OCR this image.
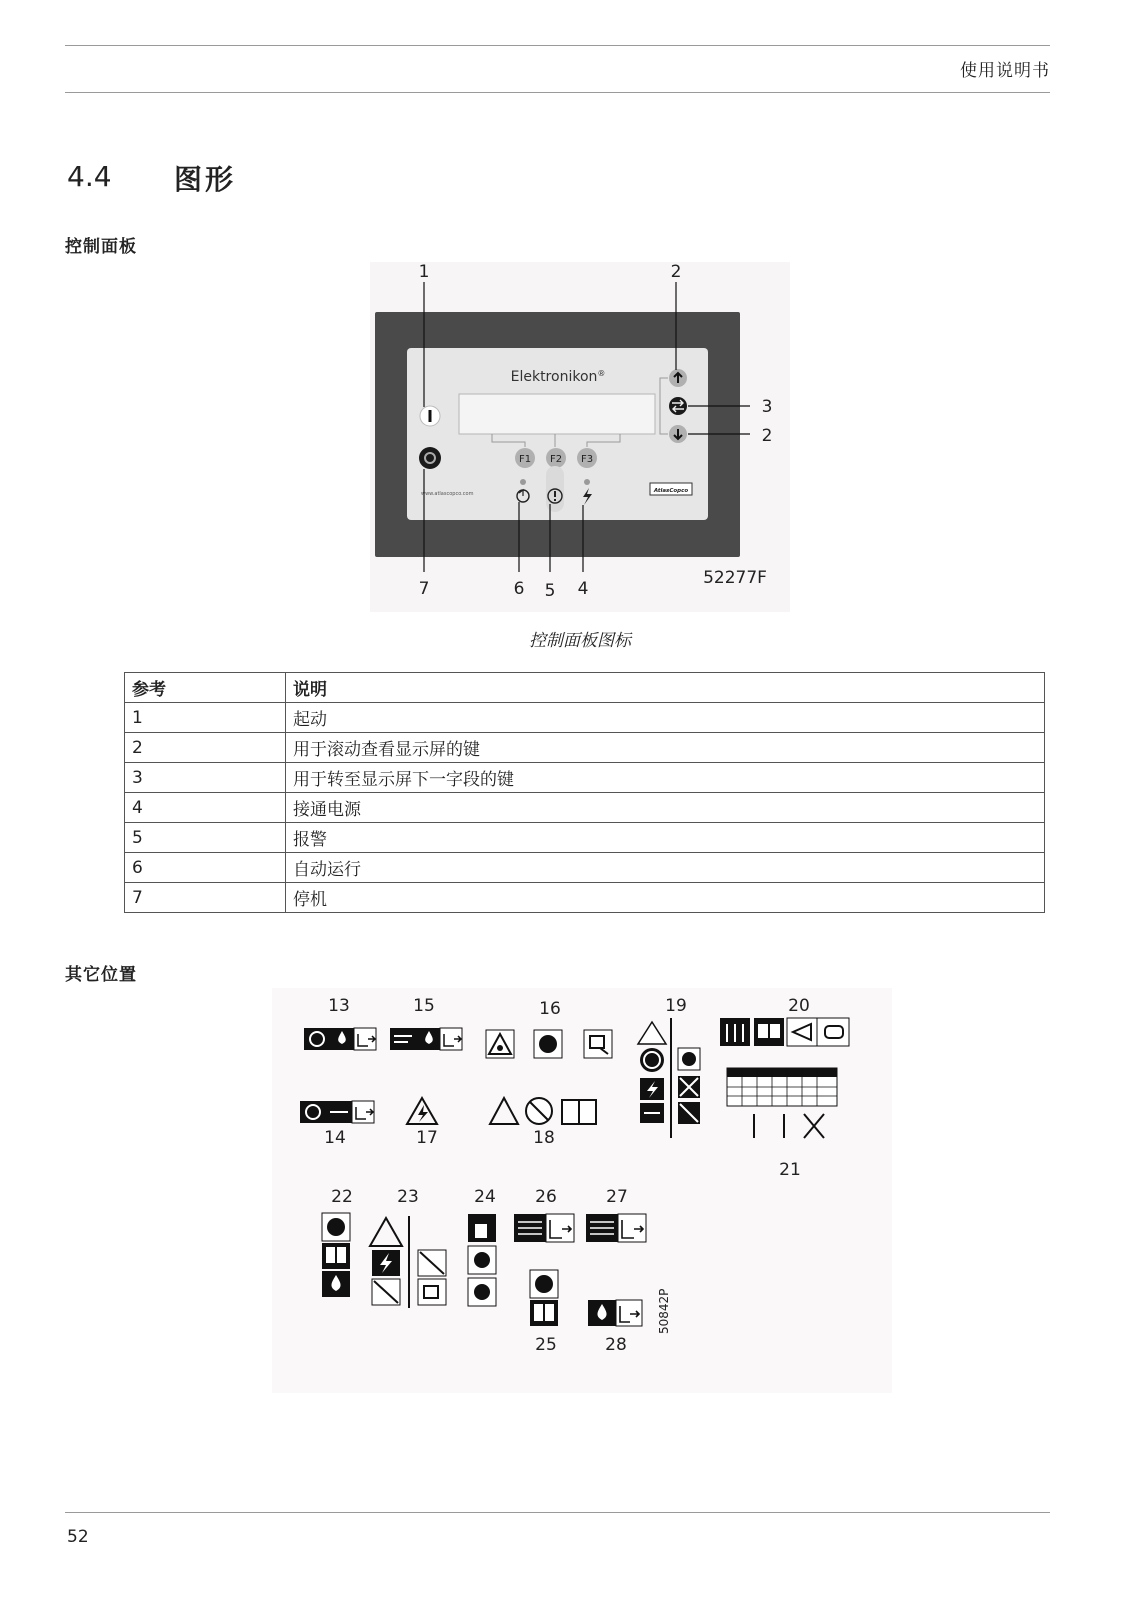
使用说明书
4.4 图形
控制面板
Elektronikon®
F1 F2 F3
www.atlascopco.com	AtlasCopco
1	2
3
2
7	6 5 4
52277F
控制面板图标
参考	说明
1	起动
2	用于滚动查看显示屏的键
3	用于转至显示屏下一字段的键
4	接通电源
5	报警
6	自动运行
7	停机
其它位置
13	15	16	19	20
14	17	18
21
22	23	24 26	27
25	28
50842P
52
